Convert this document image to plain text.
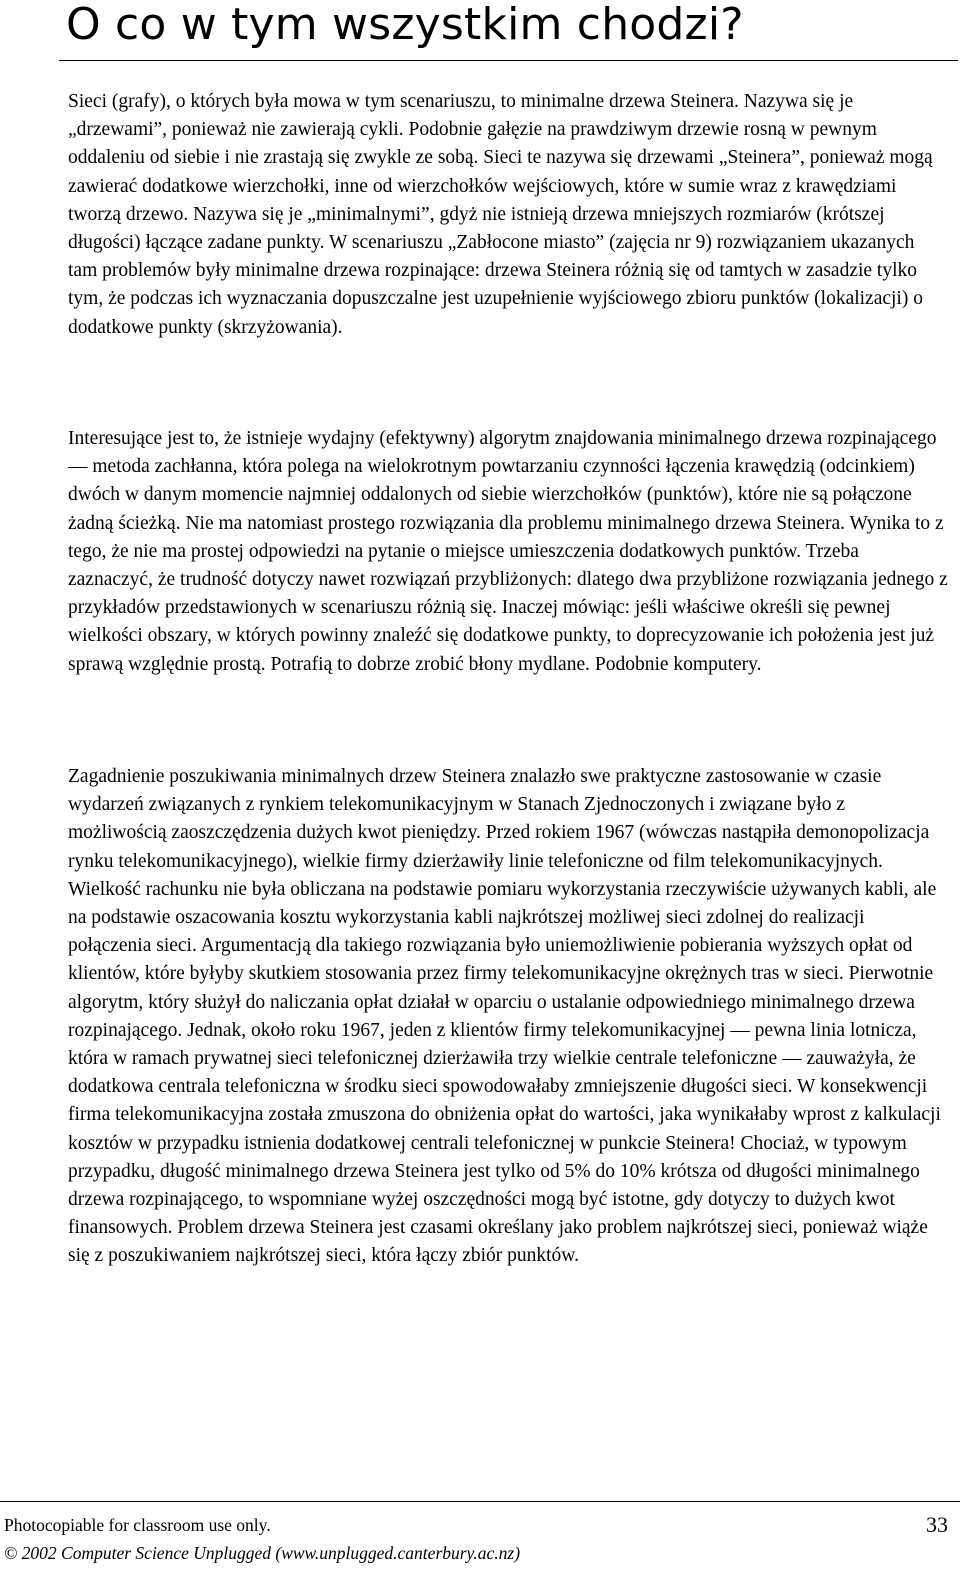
O co w tym wszystkim chodzi?

Sieci (grafy), o których była mowa w tym scenariuszu, to minimalne drzewa Steinera. Nazywa się je „drzewami”, ponieważ nie zawierają cykli. Podobnie gałęzie na prawdziwym drzewie rosną w pewnym oddaleniu od siebie i nie zrastają się zwykle ze sobą. Sieci te nazywa się drzewami „Steinera”, ponieważ mogą zawierać dodatkowe wierzchołki, inne od wierzchołków wejściowych, które w sumie wraz z krawędziami tworzą drzewo. Nazywa się je „minimalnymi”, gdyż nie istnieją drzewa mniejszych rozmiarów (krótszej długości) łączące zadane punkty. W scenariuszu „Zabłocone miasto” (zajęcia nr 9) rozwiązaniem ukazanych tam problemów były minimalne drzewa rozpinające: drzewa Steinera różnią się od tamtych w zasadzie tylko tym, że podczas ich wyznaczania dopuszczalne jest uzupełnienie wyjściowego zbioru punktów (lokalizacji) o dodatkowe punkty (skrzyżowania).

Interesujące jest to, że istnieje wydajny (efektywny) algorytm znajdowania minimalnego drzewa rozpinającego — metoda zachłanna, która polega na wielokrotnym powtarzaniu czynności łączenia krawędzią (odcinkiem) dwóch w danym momencie najmniej oddalonych od siebie wierzchołków (punktów), które nie są połączone żadną ścieżką. Nie ma natomiast prostego rozwiązania dla problemu minimalnego drzewa Steinera. Wynika to z tego, że nie ma prostej odpowiedzi na pytanie o miejsce umieszczenia dodatkowych punktów. Trzeba zaznaczyć, że trudność dotyczy nawet rozwiązań przybliżonych: dlatego dwa przybliżone rozwiązania jednego z przykładów przedstawionych w scenariuszu różnią się. Inaczej mówiąc: jeśli właściwe określi się pewnej wielkości obszary, w których powinny znaleźć się dodatkowe punkty, to doprecyzowanie ich położenia jest już sprawą względnie prostą. Potrafią to dobrze zrobić błony mydlane. Podobnie komputery.

Zagadnienie poszukiwania minimalnych drzew Steinera znalazło swe praktyczne zastosowanie w czasie wydarzeń związanych z rynkiem telekomunikacyjnym w Stanach Zjednoczonych i związane było z możliwością zaoszczędzenia dużych kwot pieniędzy. Przed rokiem 1967 (wówczas nastąpiła demonopolizacja rynku telekomunikacyjnego), wielkie firmy dzierżawiły linie telefoniczne od film telekomunikacyjnych. Wielkość rachunku nie była obliczana na podstawie pomiaru wykorzystania rzeczywiście używanych kabli, ale na podstawie oszacowania kosztu wykorzystania kabli najkrótszej możliwej sieci zdolnej do realizacji połączenia sieci. Argumentacją dla takiego rozwiązania było uniemożliwienie pobierania wyższych opłat od klientów, które byłyby skutkiem stosowania przez firmy telekomunikacyjne okrężnych tras w sieci. Pierwotnie algorytm, który służył do naliczania opłat działał w oparciu o ustalanie odpowiedniego minimalnego drzewa rozpinającego. Jednak, około roku 1967, jeden z klientów firmy telekomunikacyjnej — pewna linia lotnicza, która w ramach prywatnej sieci telefonicznej dzierżawiła trzy wielkie centrale telefoniczne — zauważyła, że dodatkowa centrala telefoniczna w środku sieci spowodowałaby zmniejszenie długości sieci. W konsekwencji firma telekomunikacyjna została zmuszona do obniżenia opłat do wartości, jaka wynikałaby wprost z kalkulacji kosztów w przypadku istnienia dodatkowej centrali telefonicznej w punkcie Steinera! Chociaż, w typowym przypadku, długość minimalnego drzewa Steinera jest tylko od 5% do 10% krótsza od długości minimalnego drzewa rozpinającego, to wspomniane wyżej oszczędności mogą być istotne, gdy dotyczy to dużych kwot finansowych. Problem drzewa Steinera jest czasami określany jako problem najkrótszej sieci, ponieważ wiąże się z poszukiwaniem najkrótszej sieci, która łączy zbiór punktów.

Photocopiable for classroom use only.
© 2002 Computer Science Unplugged (www.unplugged.canterbury.ac.nz)
33
